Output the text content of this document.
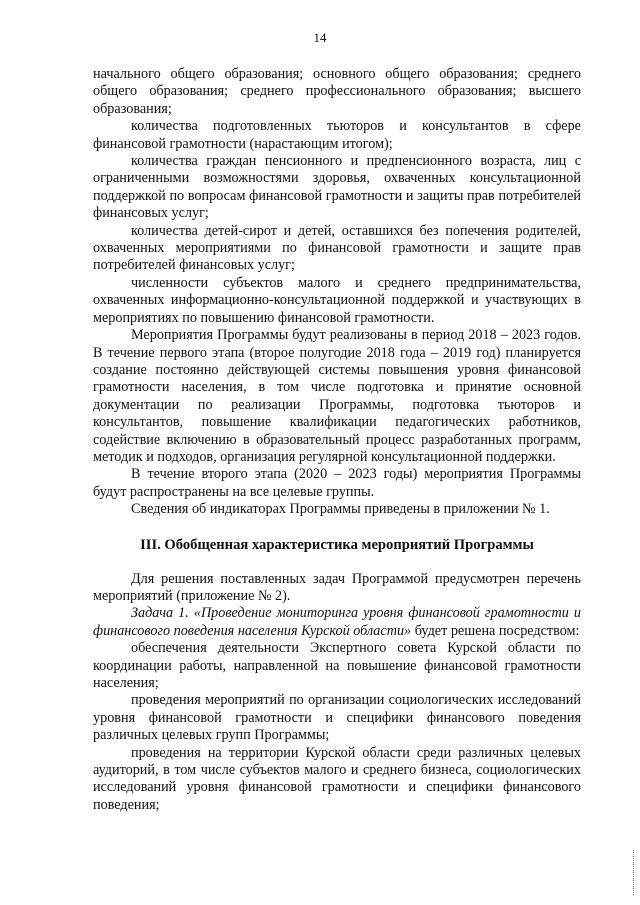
14

начального общего образования; основного общего образования; среднего общего образования; среднего профессионального образования; высшего образования;

количества подготовленных тьюторов и консультантов в сфере финансовой грамотности (нарастающим итогом);

количества граждан пенсионного и предпенсионного возраста, лиц с ограниченными возможностями здоровья, охваченных консультационной поддержкой по вопросам финансовой грамотности и защиты прав потребителей финансовых услуг;

количества детей-сирот и детей, оставшихся без попечения родителей, охваченных мероприятиями по финансовой грамотности и защите прав потребителей финансовых услуг;

численности субъектов малого и среднего предпринимательства, охваченных информационно-консультационной поддержкой и участвующих в мероприятиях по повышению финансовой грамотности.

Мероприятия Программы будут реализованы в период 2018 – 2023 годов. В течение первого этапа (второе полугодие 2018 года – 2019 год) планируется создание постоянно действующей системы повышения уровня финансовой грамотности населения, в том числе подготовка и принятие основной документации по реализации Программы, подготовка тьюторов и консультантов, повышение квалификации педагогических работников, содействие включению в образовательный процесс разработанных программ, методик и подходов, организация регулярной консультационной поддержки.

В течение второго этапа (2020 – 2023 годы) мероприятия Программы будут распространены на все целевые группы.

Сведения об индикаторах Программы приведены в приложении № 1.

III. Обобщенная характеристика мероприятий Программы

Для решения поставленных задач Программой предусмотрен перечень мероприятий (приложение № 2).

Задача 1. «Проведение мониторинга уровня финансовой грамотности и финансового поведения населения Курской области» будет решена посредством:

обеспечения деятельности Экспертного совета Курской области по координации работы, направленной на повышение финансовой грамотности населения;

проведения мероприятий по организации социологических исследований уровня финансовой грамотности и специфики финансового поведения различных целевых групп Программы;

проведения на территории Курской области среди различных целевых аудиторий, в том числе субъектов малого и среднего бизнеса, социологических исследований уровня финансовой грамотности и специфики финансового поведения;
